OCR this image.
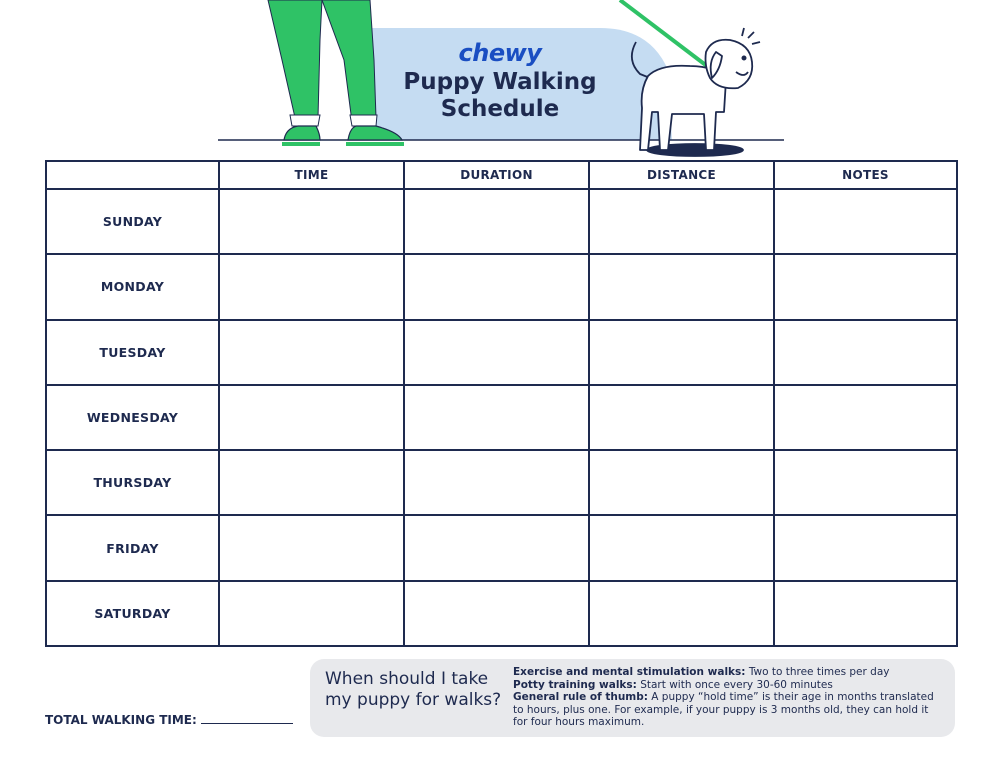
chewy
Puppy Walking
Schedule
	TIME	DURATION	DISTANCE	NOTES
SUNDAY				
MONDAY				
TUESDAY				
WEDNESDAY				
THURSDAY				
FRIDAY				
SATURDAY				
TOTAL WALKING TIME:
When should I take my puppy for walks?
Exercise and mental stimulation walks: Two to three times per day
Potty training walks: Start with once every 30-60 minutes
General rule of thumb: A puppy “hold time” is their age in months translated to hours, plus one. For example, if your puppy is 3 months old, they can hold it for four hours maximum.
